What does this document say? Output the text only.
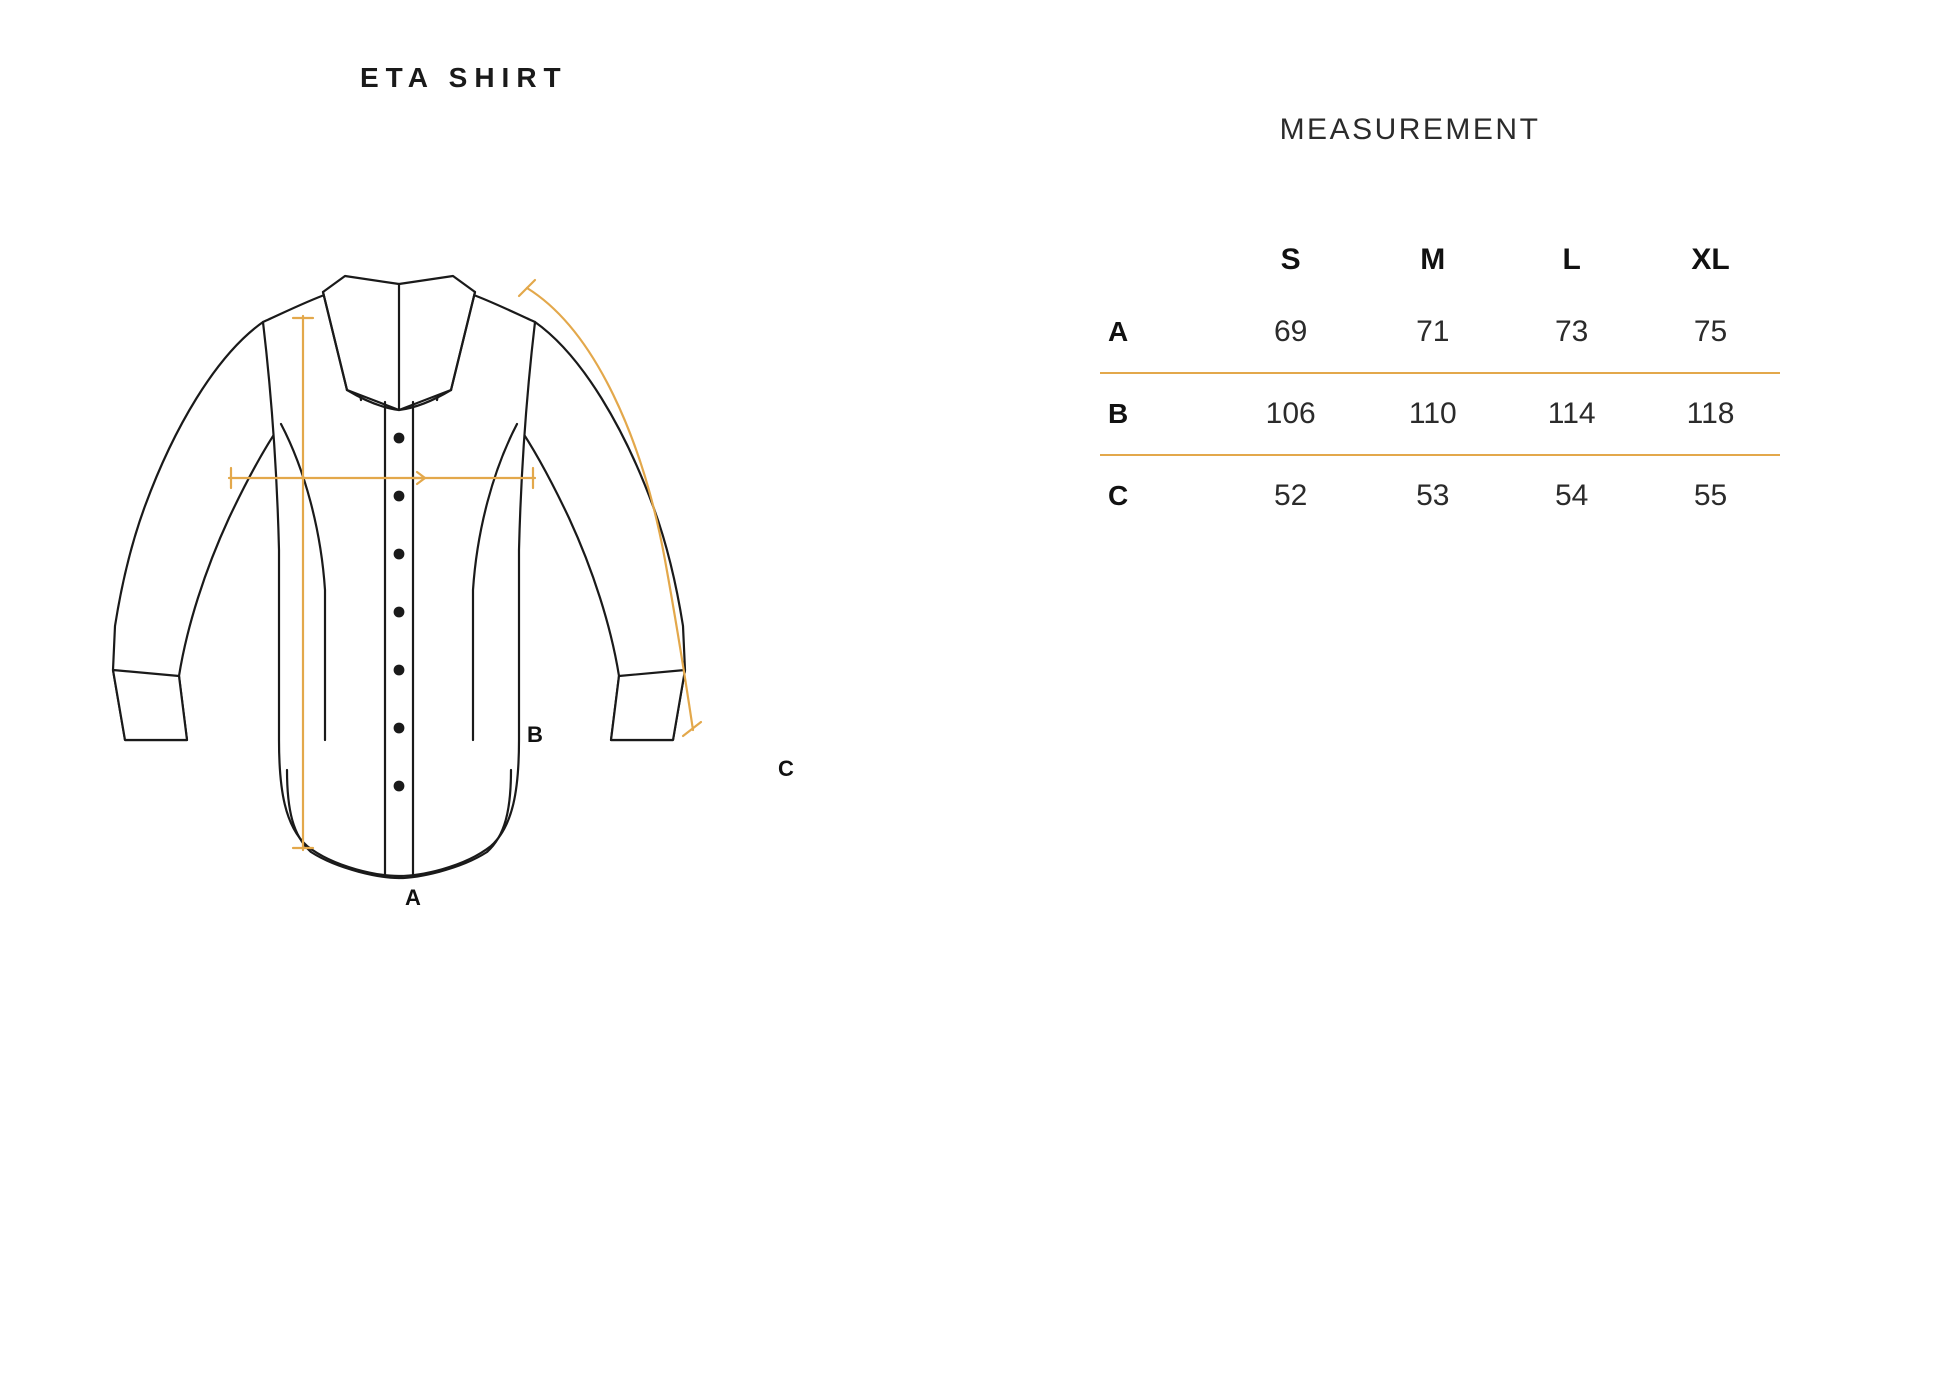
ETA SHIRT
A
B
C
MEASUREMENT
	S	M	L	XL
A	69	71	73	75
B	106	110	114	118
C	52	53	54	55
